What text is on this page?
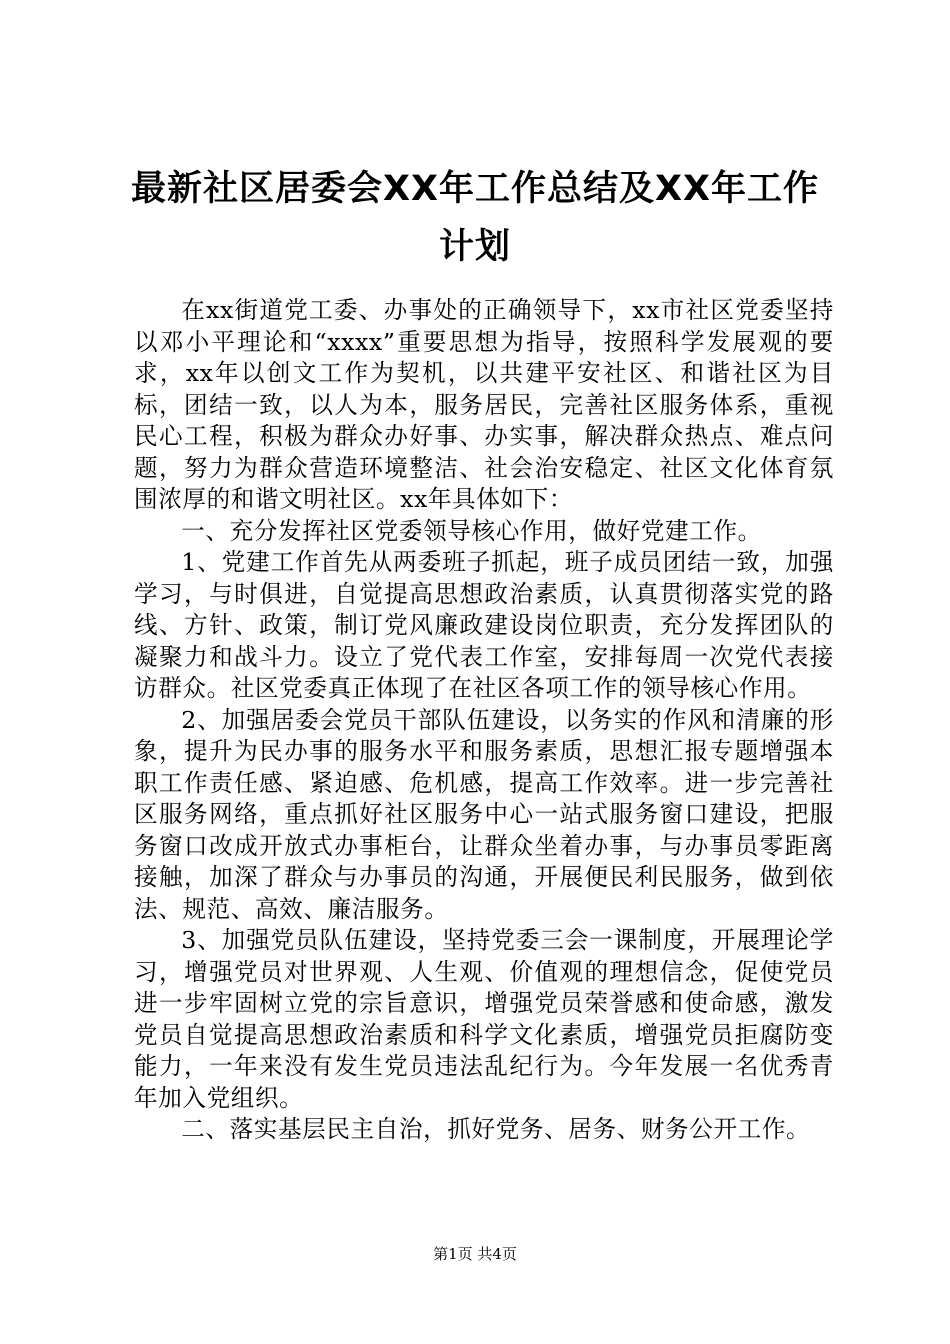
最新社区居委会XX年工作总结及XX年工作计划

在xx街道党工委、办事处的正确领导下，xx市社区党委坚持以邓小平理论和“xxxx”重要思想为指导，按照科学发展观的要求，xx年以创文工作为契机，以共建平安社区、和谐社区为目标，团结一致，以人为本，服务居民，完善社区服务体系，重视民心工程，积极为群众办好事、办实事，解决群众热点、难点问题，努力为群众营造环境整洁、社会治安稳定、社区文化体育氛围浓厚的和谐文明社区。xx年具体如下：

一、充分发挥社区党委领导核心作用，做好党建工作。

1、党建工作首先从两委班子抓起，班子成员团结一致，加强学习，与时俱进，自觉提高思想政治素质，认真贯彻落实党的路线、方针、政策，制订党风廉政建设岗位职责，充分发挥团队的凝聚力和战斗力。设立了党代表工作室，安排每周一次党代表接访群众。社区党委真正体现了在社区各项工作的领导核心作用。

2、加强居委会党员干部队伍建设，以务实的作风和清廉的形象，提升为民办事的服务水平和服务素质，思想汇报专题增强本职工作责任感、紧迫感、危机感，提高工作效率。进一步完善社区服务网络，重点抓好社区服务中心一站式服务窗口建设，把服务窗口改成开放式办事柜台，让群众坐着办事，与办事员零距离接触，加深了群众与办事员的沟通，开展便民利民服务，做到依法、规范、高效、廉洁服务。

3、加强党员队伍建设，坚持党委三会一课制度，开展理论学习，增强党员对世界观、人生观、价值观的理想信念，促使党员进一步牢固树立党的宗旨意识，增强党员荣誉感和使命感，激发党员自觉提高思想政治素质和科学文化素质，增强党员拒腐防变能力，一年来没有发生党员违法乱纪行为。今年发展一名优秀青年加入党组织。

二、落实基层民主自治，抓好党务、居务、财务公开工作。

第1页 共4页
